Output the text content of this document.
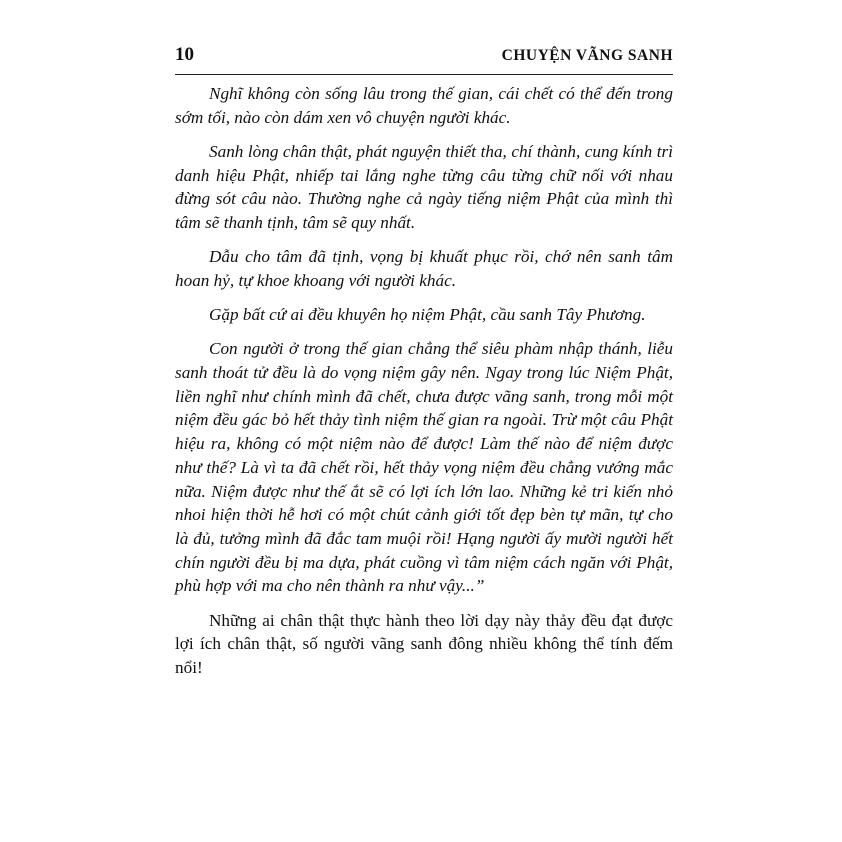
10	CHUYỆN VÃNG SANH

Nghĩ không còn sống lâu trong thế gian, cái chết có thể đến trong sớm tối, nào còn dám xen vô chuyện người khác.

Sanh lòng chân thật, phát nguyện thiết tha, chí thành, cung kính trì danh hiệu Phật, nhiếp tai lắng nghe từng câu từng chữ nối với nhau đừng sót câu nào. Thường nghe cả ngày tiếng niệm Phật của mình thì tâm sẽ thanh tịnh, tâm sẽ quy nhất.

Dẫu cho tâm đã tịnh, vọng bị khuất phục rồi, chớ nên sanh tâm hoan hỷ, tự khoe khoang với người khác.

Gặp bất cứ ai đều khuyên họ niệm Phật, cầu sanh Tây Phương.

Con người ở trong thế gian chẳng thể siêu phàm nhập thánh, liễu sanh thoát tử đều là do vọng niệm gây nên. Ngay trong lúc Niệm Phật, liền nghĩ như chính mình đã chết, chưa được vãng sanh, trong mỗi một niệm đều gác bỏ hết thảy tình niệm thế gian ra ngoài. Trừ một câu Phật hiệu ra, không có một niệm nào để được! Làm thế nào để niệm được như thế? Là vì ta đã chết rồi, hết thảy vọng niệm đều chẳng vướng mắc nữa. Niệm được như thế ắt sẽ có lợi ích lớn lao. Những kẻ tri kiến nhỏ nhoi hiện thời hễ hơi có một chút cảnh giới tốt đẹp bèn tự mãn, tự cho là đủ, tưởng mình đã đắc tam muội rồi! Hạng người ấy mười người hết chín người đều bị ma dựa, phát cuồng vì tâm niệm cách ngăn với Phật, phù hợp với ma cho nên thành ra như vậy...”

Những ai chân thật thực hành theo lời dạy này thảy đều đạt được lợi ích chân thật, số người vãng sanh đông nhiều không thể tính đếm nổi!
